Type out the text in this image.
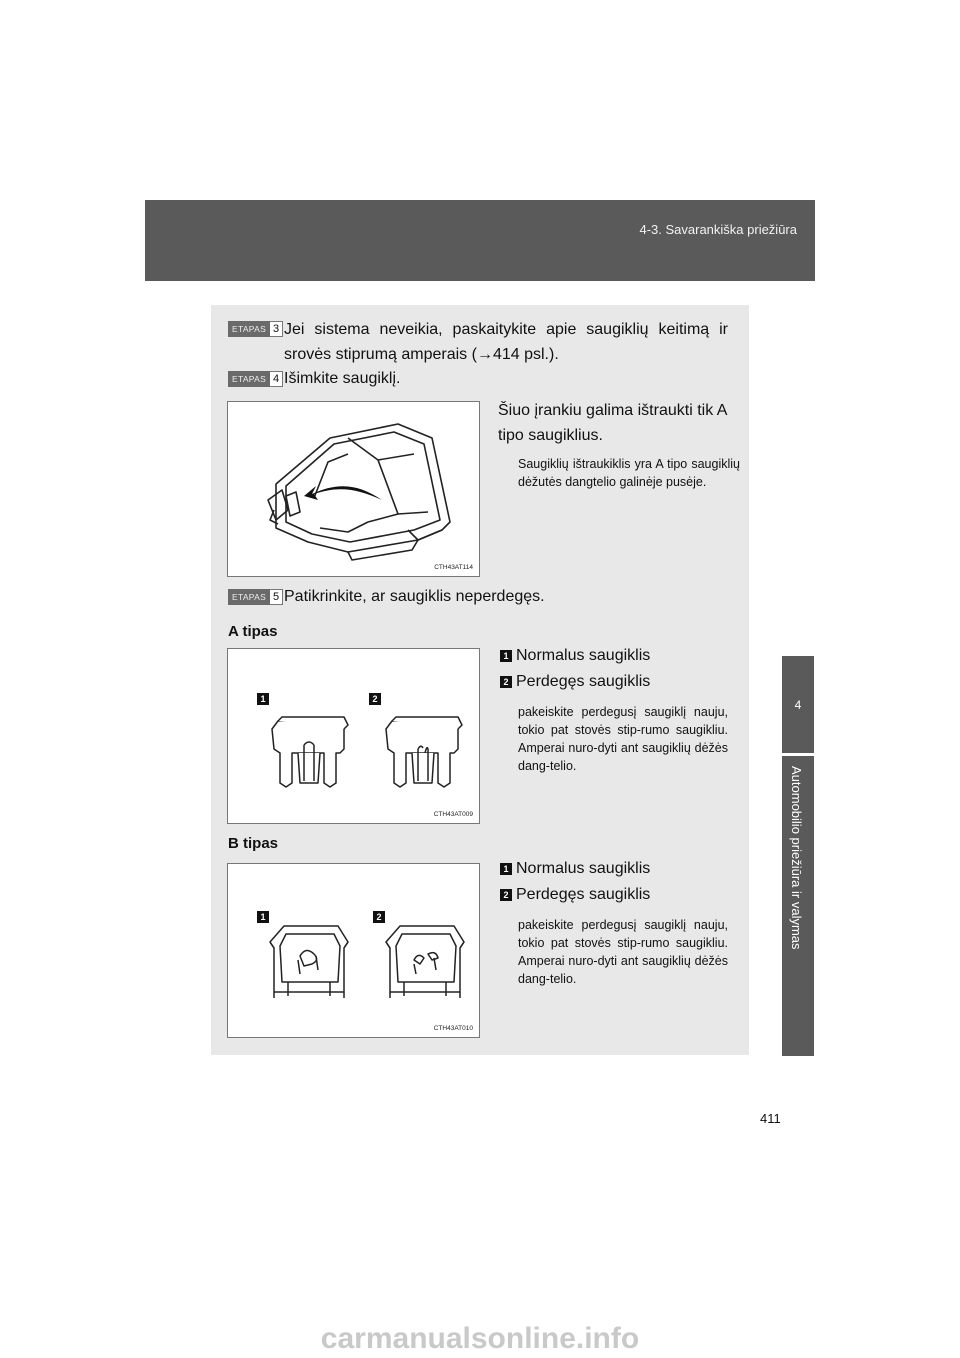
4-3. Savarankiška priežiūra
4
Automobilio priežiūra ir valymas
ETAPAS 3 Jei sistema neveikia, paskaitykite apie saugiklių keitimą ir srovės stiprumą amperais (→414 psl.).
ETAPAS 4 Išimkite saugiklį.
CTH43AT114
Šiuo įrankiu galima ištraukti tik A tipo saugiklius.
Saugiklių ištraukiklis yra A tipo saugiklių dėžutės dangtelio galinėje pusėje.
ETAPAS 5 Patikrinkite, ar saugiklis neperdegęs.
A tipas
1	2
CTH43AT009
1 Normalus saugiklis
2 Perdegęs saugiklis
pakeiskite perdegusį saugiklį nauju, tokio pat stovės stip-rumo saugikliu. Amperai nuro-dyti ant saugiklių dėžės dang-telio.
B tipas
1	2
CTH43AT010
1 Normalus saugiklis
2 Perdegęs saugiklis
pakeiskite perdegusį saugiklį nauju, tokio pat stovės stip-rumo saugikliu. Amperai nuro-dyti ant saugiklių dėžės dang-telio.
411
carmanualsonline.info
